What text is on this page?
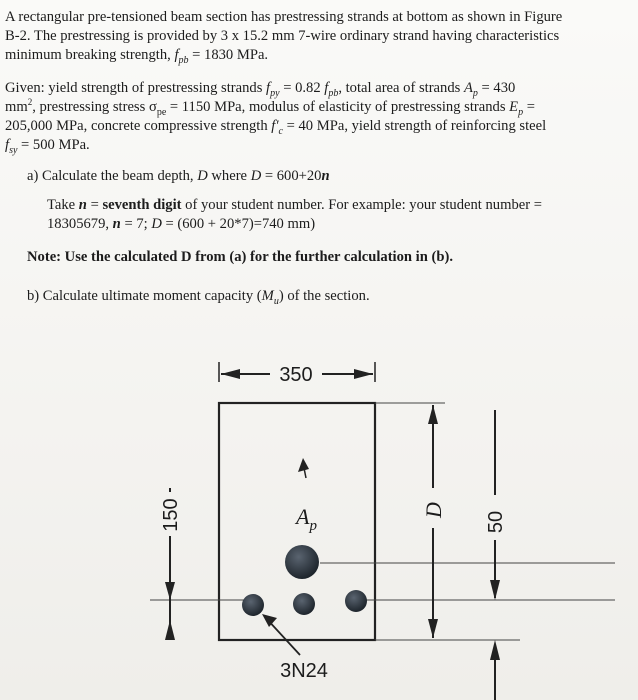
A rectangular pre-tensioned beam section has prestressing strands at bottom as shown in Figure
B-2. The prestressing is provided by 3 x 15.2 mm 7-wire ordinary strand having characteristics
minimum breaking strength, $f_{pb} = 1830$ MPa.
Given: yield strength of prestressing strands $f_{py} = 0.82$ $f_{pb}$, total area of strands $A_p = 430$
$mm^2$, prestressing stress $\sigma_{pe} = 1150$ MPa, modulus of elasticity of prestressing strands $E_p$ =
205,000 MPa, concrete compressive strength $f'_c = 40$ MPa, yield strength of reinforcing steel
$f_{sy} = 500$ MPa.
a) Calculate the beam depth, D where D = 600+20n
Take n = seventh digit of your student number. For example: your student number =
18305679, n = 7; D = (600 + 20*7)=740 mm)
Note: Use the calculated D from (a) for the further calculation in (b).
b) Calculate ultimate moment capacity $(M_u)$ of the section.
350
150	D
50
$A_p$
3N24
